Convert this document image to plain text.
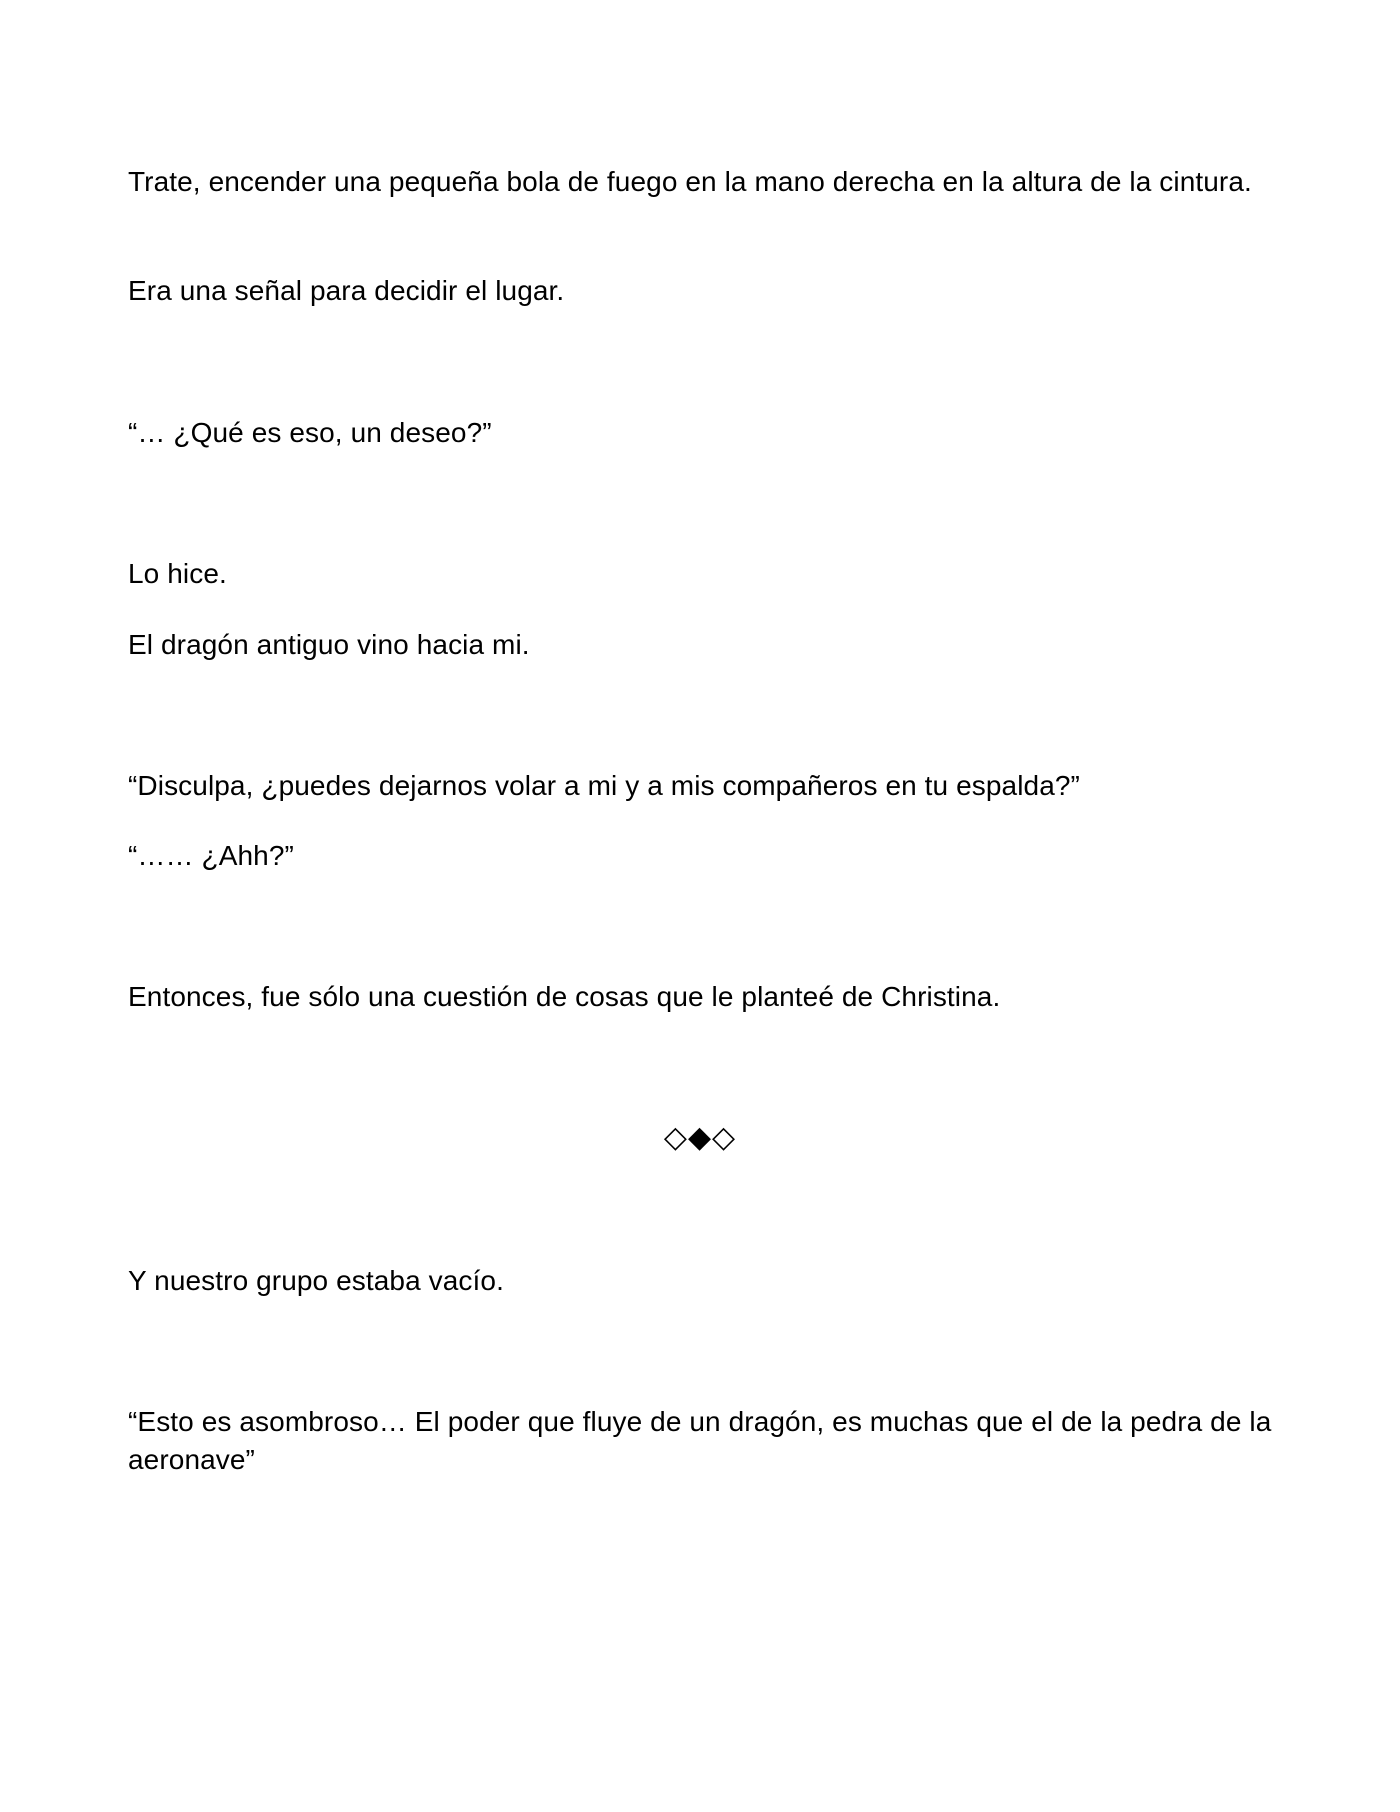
Trate, encender una pequeña bola de fuego en la mano derecha en la altura de la cintura.

Era una señal para decidir el lugar.

“… ¿Qué es eso, un deseo?”

Lo hice.

El dragón antiguo vino hacia mi.

“Disculpa, ¿puedes dejarnos volar a mi y a mis compañeros en tu espalda?”

“…… ¿Ahh?”

Entonces, fue sólo una cuestión de cosas que le planteé de Christina.

◇◆◇

Y nuestro grupo estaba vacío.

“Esto es asombroso… El poder que fluye de un dragón, es muchas que el de la pedra de la aeronave”
